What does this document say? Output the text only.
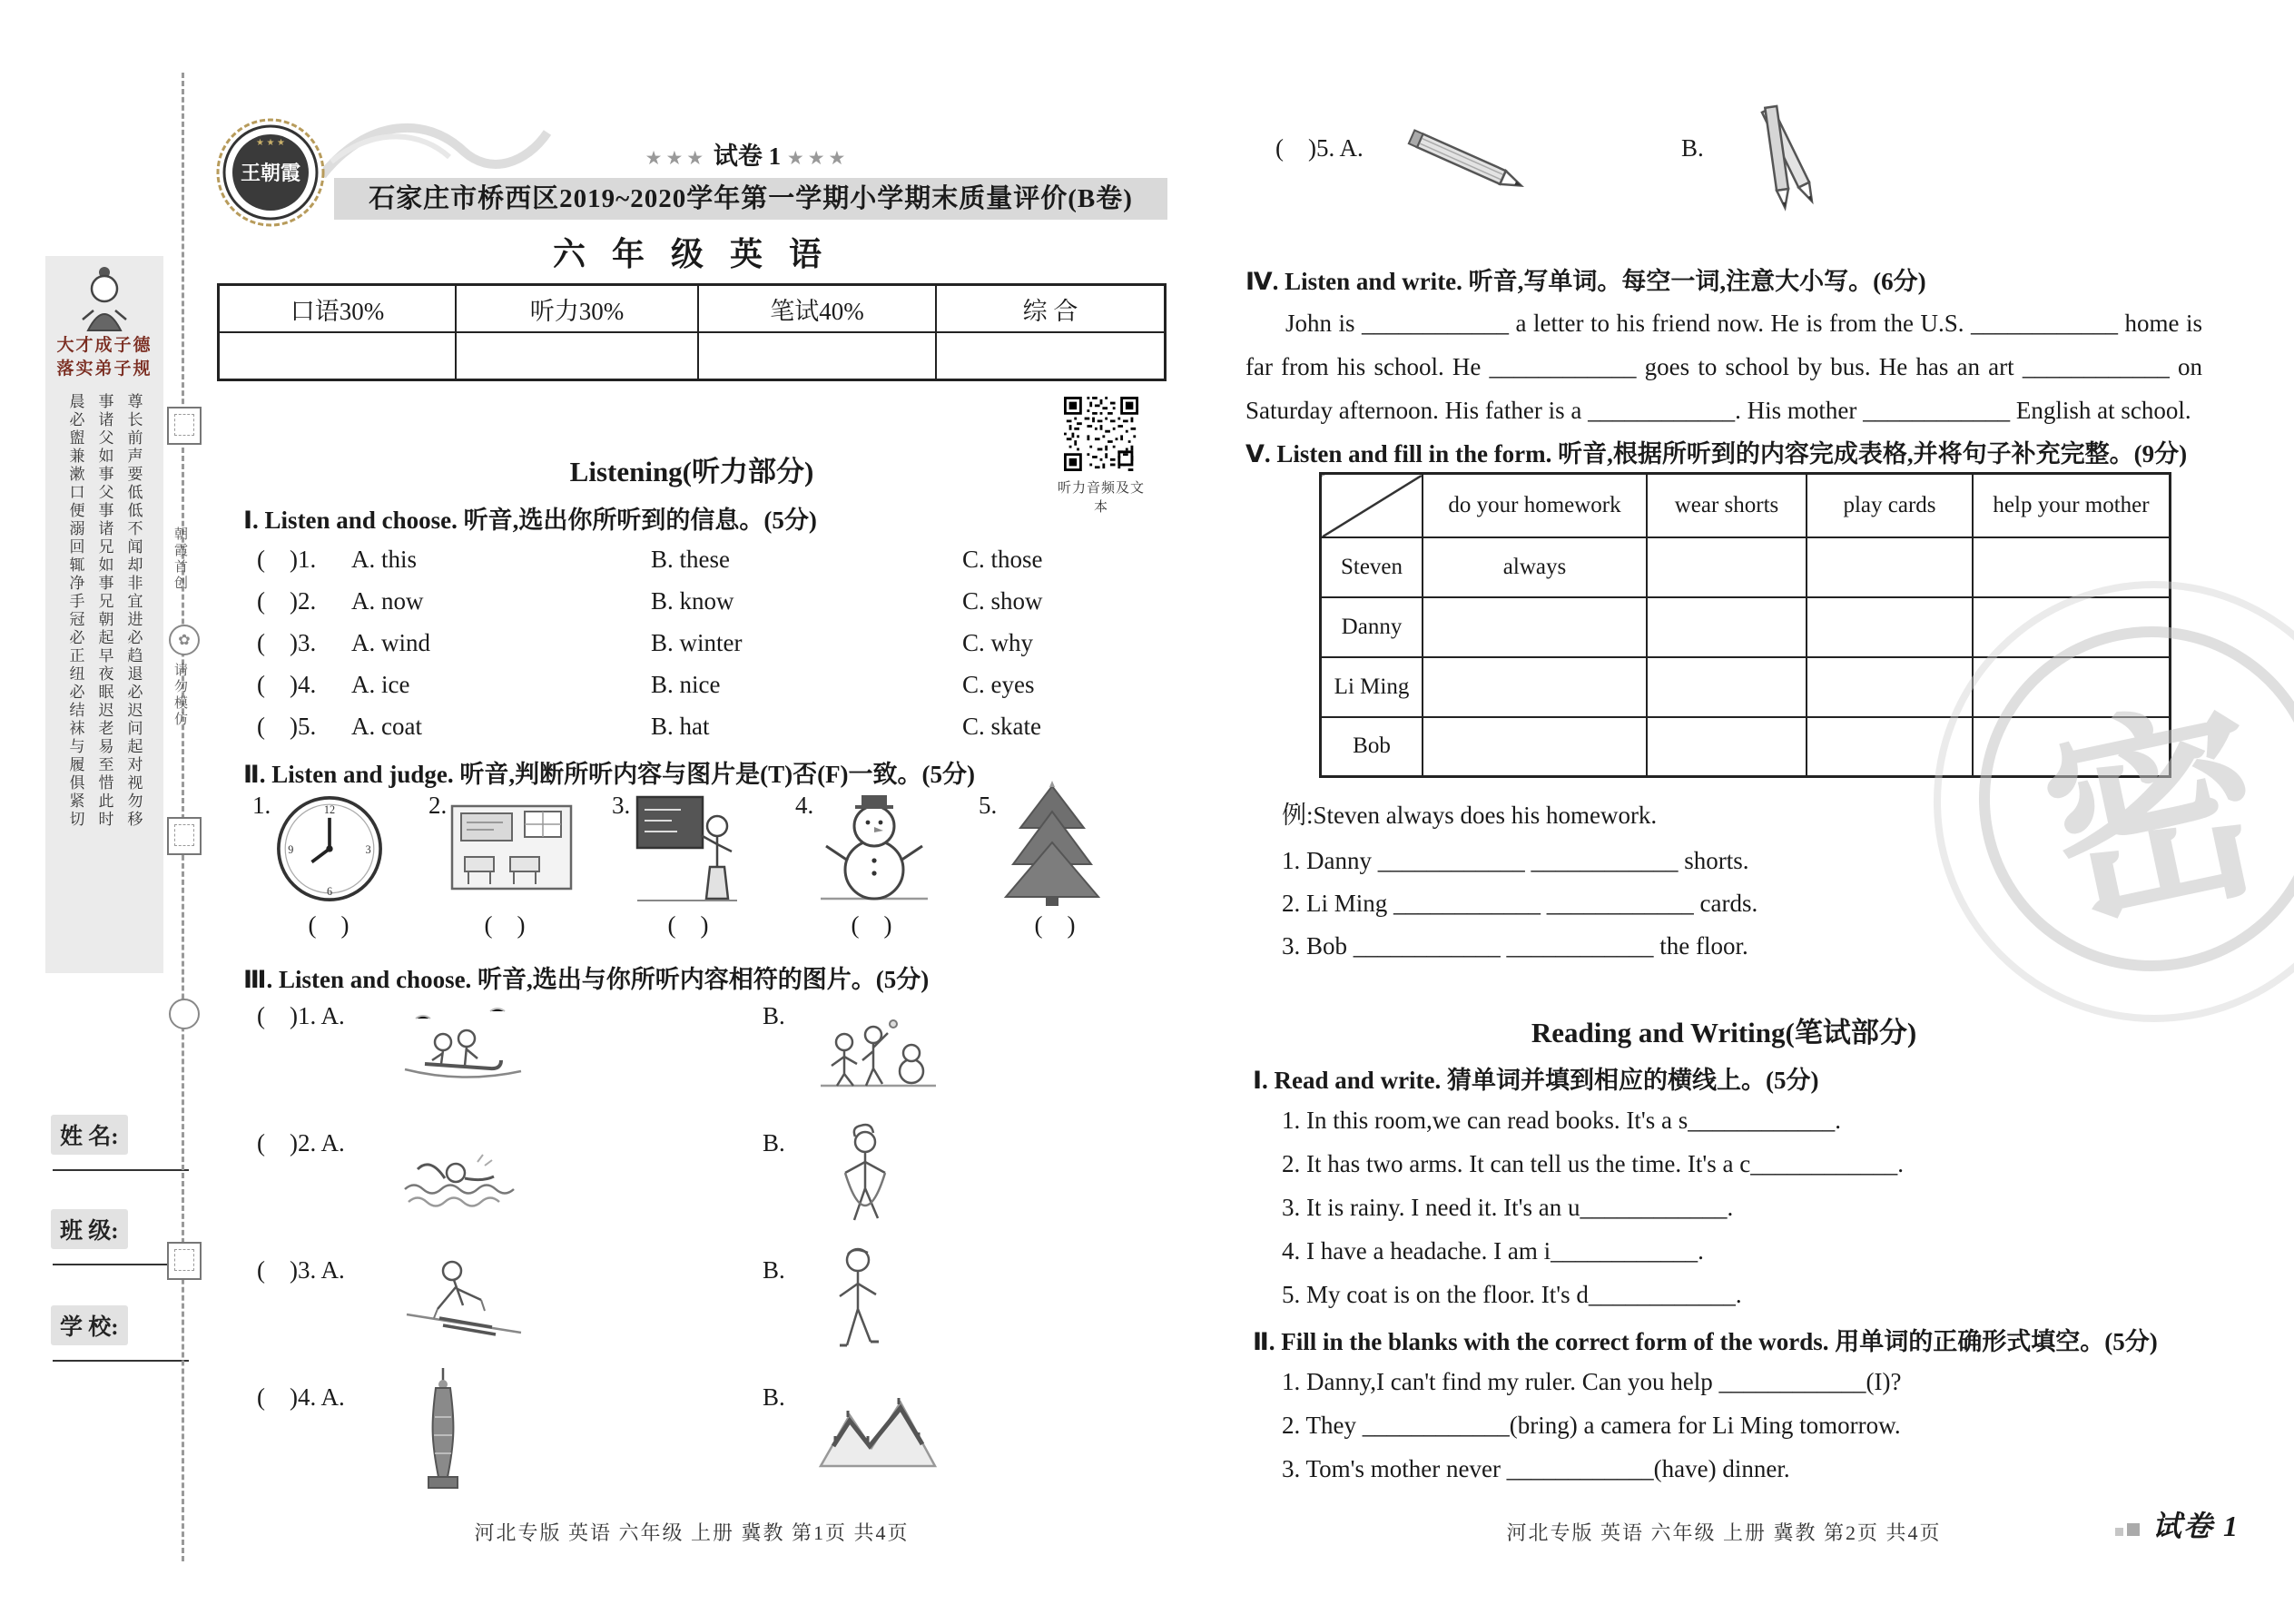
大才成子德
落实弟子规
晨必盥兼漱口便溺回辄净手冠必正纽必结袜与履俱紧切 事诸父如事父事诸兄如事兄朝起早夜眠迟老易至惜此时 尊长前声要低低不闻却非宜进必趋退必迟问起对视勿移
姓 名:
班 级:
学 校:
朝霞首创
✿
请勿模仿
王朝霞
★ ★ ★
★★★ 试卷 1 ★★★
石家庄市桥西区2019~2020学年第一学期小学期末质量评价(B卷)
六 年 级 英 语
口语30%	听力30%	笔试40%	综 合

听力音频及文本
Listening(听力部分)
Ⅰ. Listen and choose. 听音,选出你所听到的信息。(5分)
(    )1.	A. this	B. these	C. those
(    )2.	A. now	B. know	C. show
(    )3.	A. wind	B. winter	C. why
(    )4.	A. ice	B. nice	C. eyes
(    )5.	A. coat	B. hat	C. skate
Ⅱ. Listen and judge. 听音,判断所听内容与图片是(T)否(F)一致。(5分)
1.	12
3
6
9
2.	3.	4.	5.
(    )	(    )	(    )	(    )	(    )
Ⅲ. Listen and choose. 听音,选出与你所听内容相符的图片。(5分)
(    )1. A.	B.
(    )2. A.	B.
(    )3. A.	B.
(    )4. A.	B.
河北专版 英语 六年级 上册 冀教 第1页 共4页
(    )5. A.	B.
Ⅳ. Listen and write. 听音,写单词。每空一词,注意大小写。(6分)
John is ____________ a letter to his friend now. He is from the U.S. ____________ home is far from his school. He ____________ goes to school by bus. He has an art ____________ on Saturday afternoon. His father is a ____________. His mother ____________ English at school.
Ⅴ. Listen and fill in the form. 听音,根据所听到的内容完成表格,并将句子补充完整。(9分)
	do your homework	wear shorts	play cards	help your mother
Steven	always			
Danny				
Li Ming				
Bob				
例:Steven always does his homework.
1. Danny ____________ ____________ shorts.
2. Li Ming ____________ ____________ cards.
3. Bob ____________ ____________ the floor.
Reading and Writing(笔试部分)
Ⅰ. Read and write. 猜单词并填到相应的横线上。(5分)
1. In this room,we can read books. It's a s____________.
2. It has two arms. It can tell us the time. It's a c____________.
3. It is rainy. I need it. It's an u____________.
4. I have a headache. I am i____________.
5. My coat is on the floor. It's d____________.
Ⅱ. Fill in the blanks with the correct form of the words. 用单词的正确形式填空。(5分)
1. Danny,I can't find my ruler. Can you help ____________(I)?
2. They ____________(bring) a camera for Li Ming tomorrow.
3. Tom's mother never ____________(have) dinner.
河北专版 英语 六年级 上册 冀教 第2页 共4页	试卷 1
密
